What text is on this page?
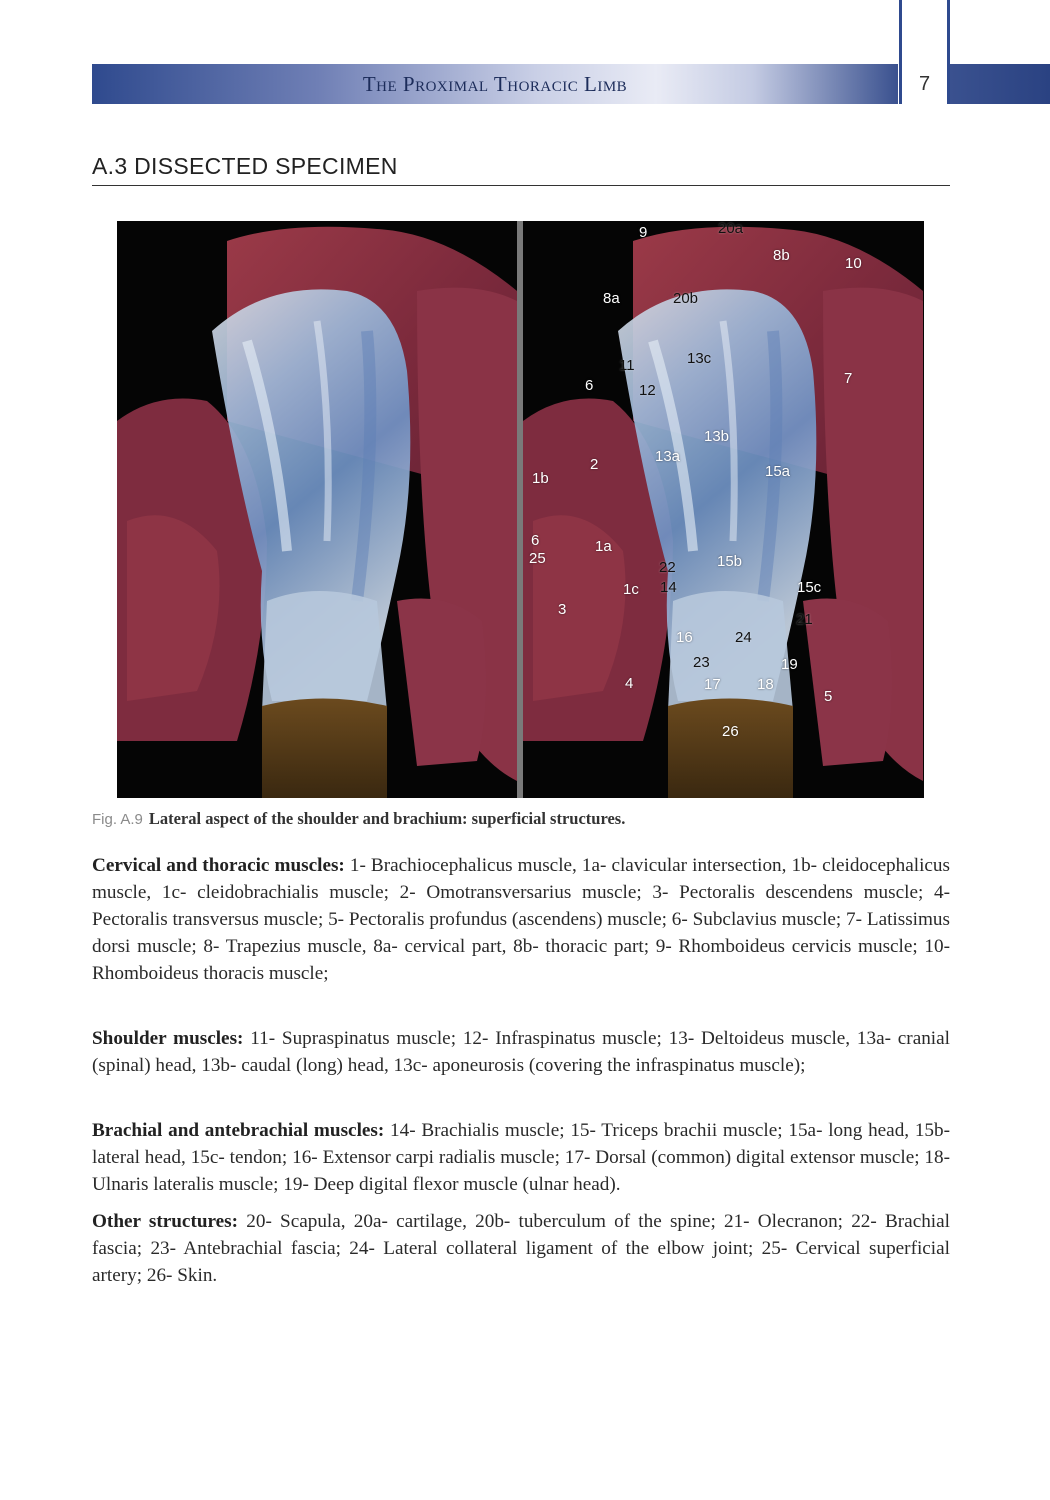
The Proximal Thoracic Limb	7
A.3 DISSECTED SPECIMEN
9	20a
8b	10
8a	20b
11	13c
6	12
7
13b
13a
2	15a
1b
1a
6
25
22	15b
14
1c	15c
3
21
16	24
23	19
17 18
4
5
26
Fig. A.9 Lateral aspect of the shoulder and brachium: superficial structures.
Cervical and thoracic muscles: 1- Brachiocephalicus muscle, 1a- clavicular intersection, 1b- cleidocephalicus muscle, 1c- cleidobrachialis muscle; 2- Omotransversarius muscle; 3- Pectoralis descendens muscle; 4- Pectoralis transversus muscle; 5- Pectoralis profundus (ascendens) muscle; 6- Subclavius muscle; 7- Latissimus dorsi muscle; 8- Trapezius muscle, 8a- cervical part, 8b- thoracic part; 9- Rhomboideus cervicis muscle; 10- Rhomboideus thoracis muscle;
Shoulder muscles: 11- Supraspinatus muscle; 12- Infraspinatus muscle; 13- Deltoideus muscle, 13a- cranial (spinal) head, 13b- caudal (long) head, 13c- aponeurosis (covering the infraspinatus muscle);
Brachial and antebrachial muscles: 14- Brachialis muscle; 15- Triceps brachii muscle; 15a- long head, 15b- lateral head, 15c- tendon; 16- Extensor carpi radialis muscle; 17- Dorsal (common) digital extensor muscle; 18- Ulnaris lateralis muscle; 19- Deep digital flexor muscle (ulnar head).
Other structures: 20- Scapula, 20a- cartilage, 20b- tuberculum of the spine; 21- Olecranon; 22- Brachial fascia; 23- Antebrachial fascia; 24- Lateral collateral ligament of the elbow joint; 25- Cervical superficial artery; 26- Skin.
